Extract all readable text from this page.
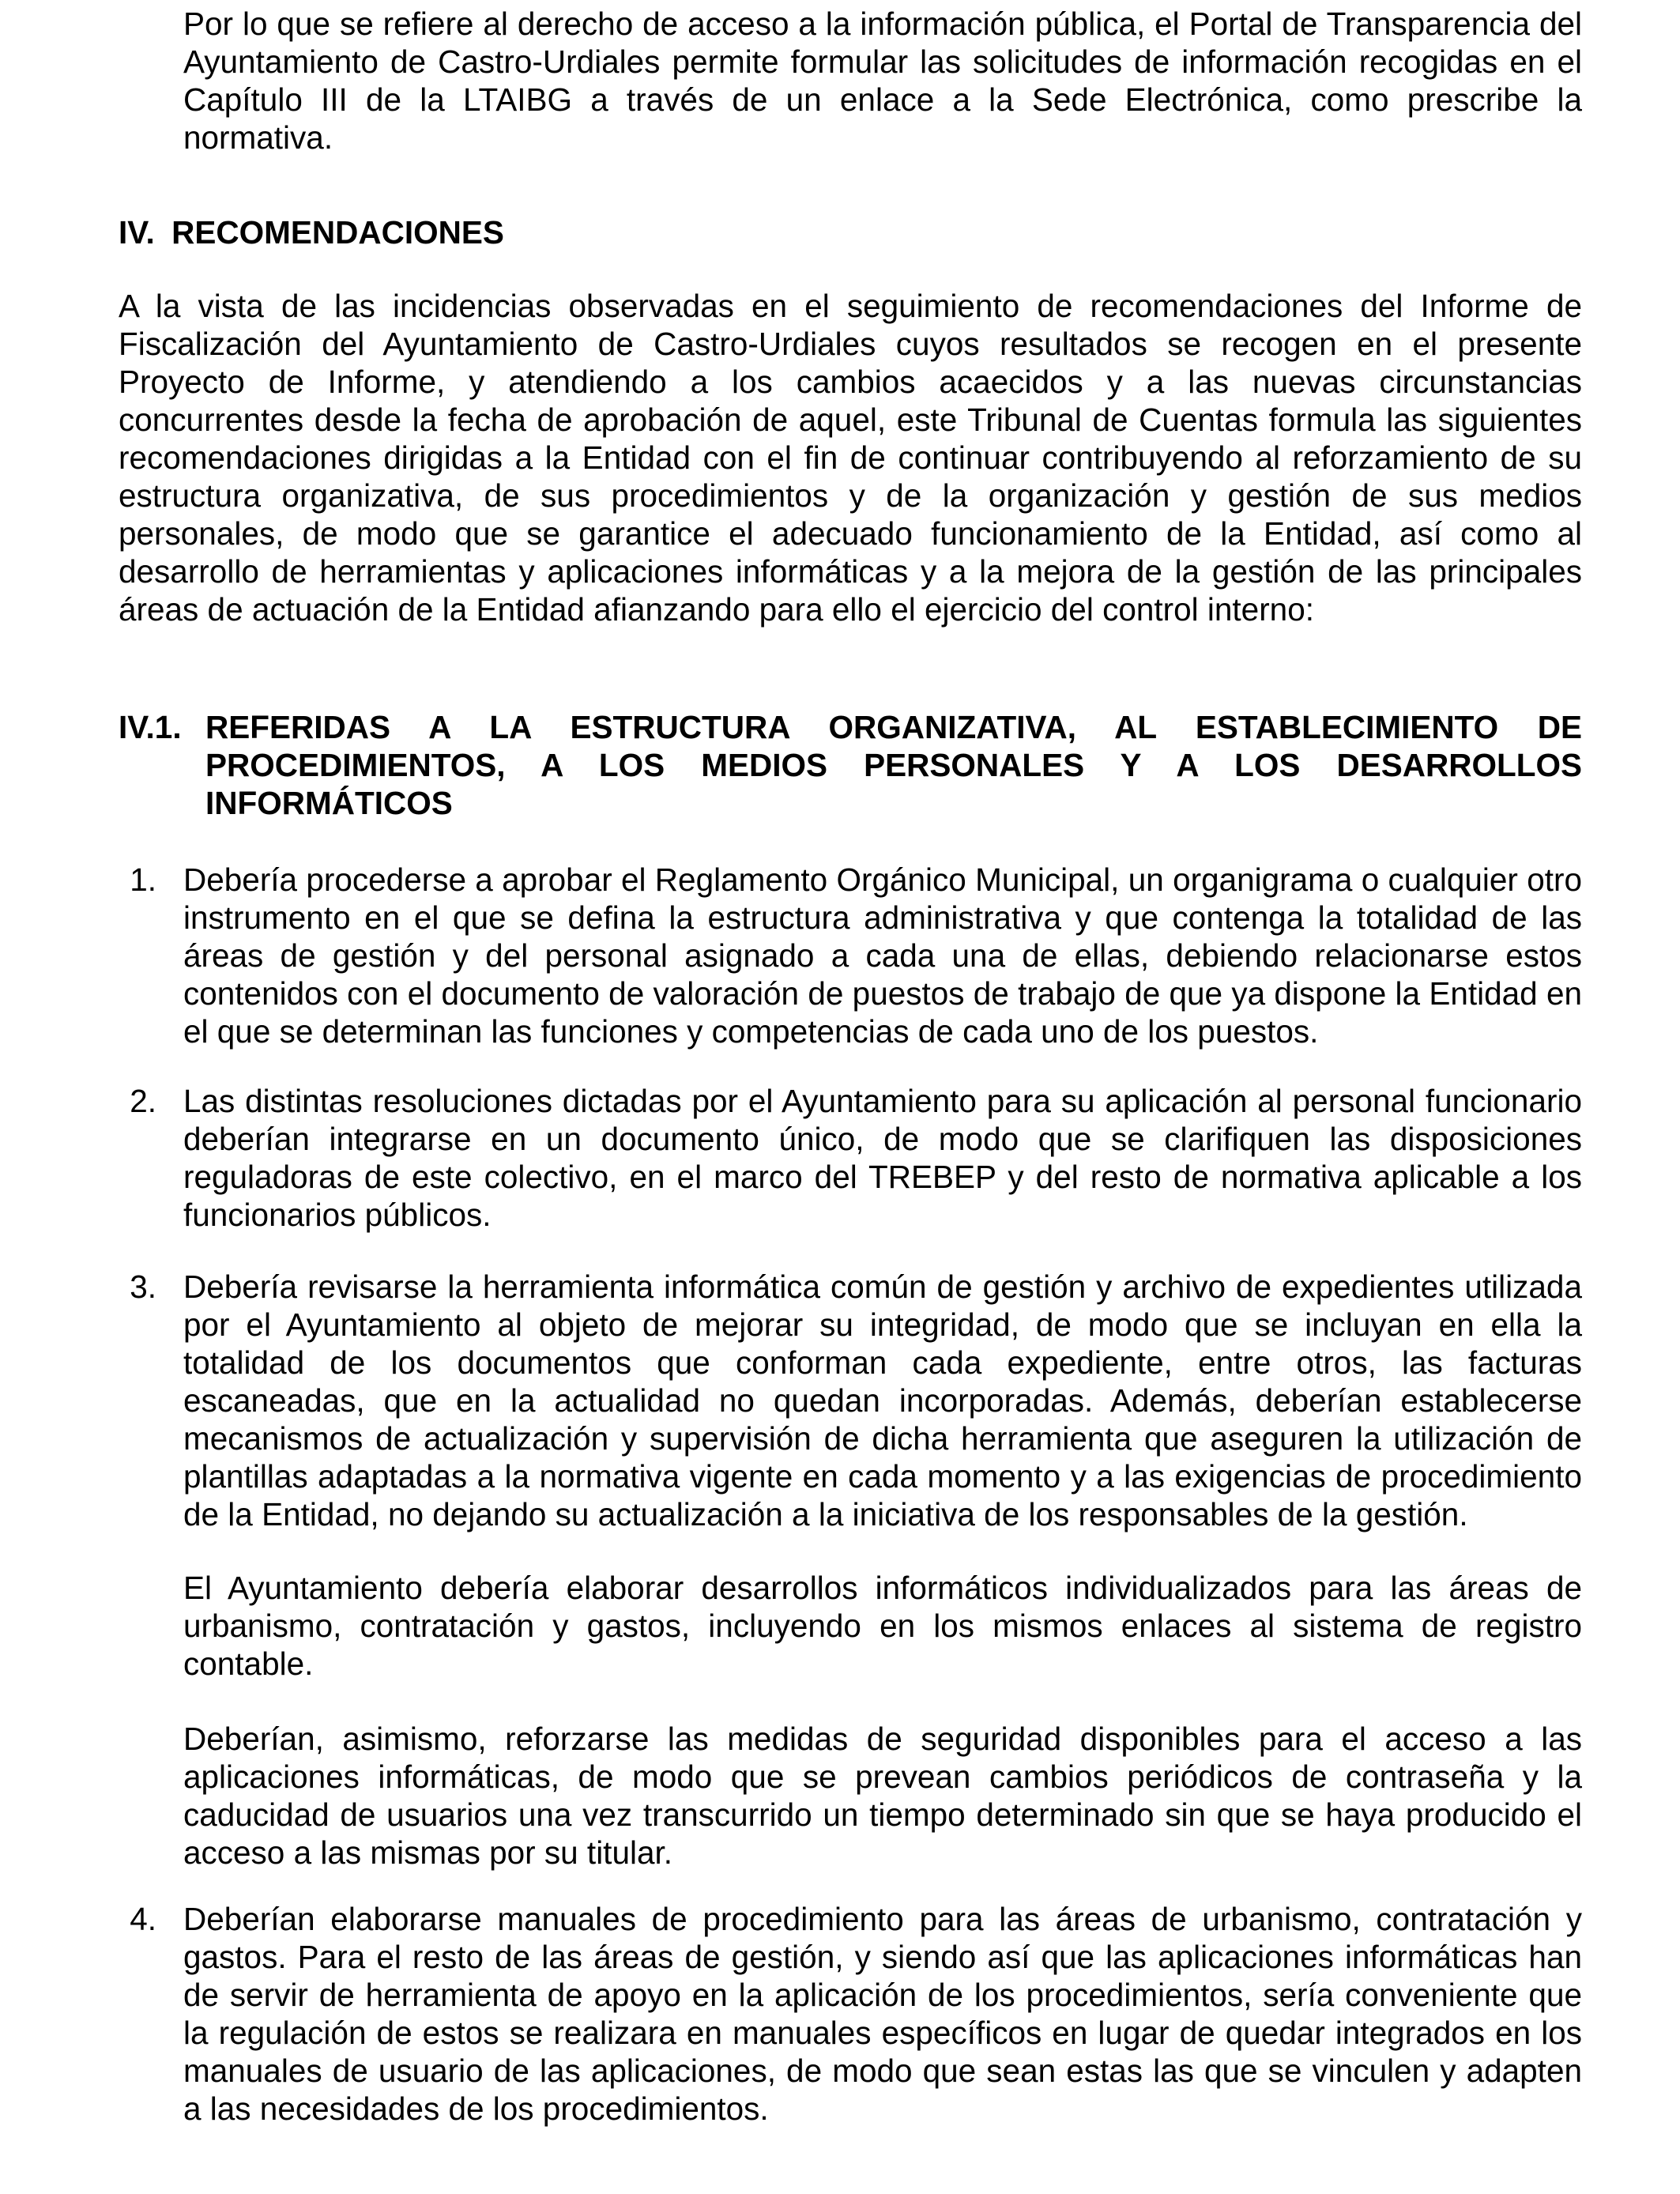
Por lo que se refiere al derecho de acceso a la información pública, el Portal de Transparencia del Ayuntamiento de Castro-Urdiales permite formular las solicitudes de información recogidas en el Capítulo III de la LTAIBG a través de un enlace a la Sede Electrónica, como prescribe la normativa.

IV. RECOMENDACIONES

A la vista de las incidencias observadas en el seguimiento de recomendaciones del Informe de Fiscalización del Ayuntamiento de Castro-Urdiales cuyos resultados se recogen en el presente Proyecto de Informe, y atendiendo a los cambios acaecidos y a las nuevas circunstancias concurrentes desde la fecha de aprobación de aquel, este Tribunal de Cuentas formula las siguientes recomendaciones dirigidas a la Entidad con el fin de continuar contribuyendo al reforzamiento de su estructura organizativa, de sus procedimientos y de la organización y gestión de sus medios personales, de modo que se garantice el adecuado funcionamiento de la Entidad, así como al desarrollo de herramientas y aplicaciones informáticas y a la mejora de la gestión de las principales áreas de actuación de la Entidad afianzando para ello el ejercicio del control interno:

IV.1. REFERIDAS A LA ESTRUCTURA ORGANIZATIVA, AL ESTABLECIMIENTO DE PROCEDIMIENTOS, A LOS MEDIOS PERSONALES Y A LOS DESARROLLOS INFORMÁTICOS
1. Debería procederse a aprobar el Reglamento Orgánico Municipal, un organigrama o cualquier otro instrumento en el que se defina la estructura administrativa y que contenga la totalidad de las áreas de gestión y del personal asignado a cada una de ellas, debiendo relacionarse estos contenidos con el documento de valoración de puestos de trabajo de que ya dispone la Entidad en el que se determinan las funciones y competencias de cada uno de los puestos.

2. Las distintas resoluciones dictadas por el Ayuntamiento para su aplicación al personal funcionario deberían integrarse en un documento único, de modo que se clarifiquen las disposiciones reguladoras de este colectivo, en el marco del TREBEP y del resto de normativa aplicable a los funcionarios públicos.

3. Debería revisarse la herramienta informática común de gestión y archivo de expedientes utilizada por el Ayuntamiento al objeto de mejorar su integridad, de modo que se incluyan en ella la totalidad de los documentos que conforman cada expediente, entre otros, las facturas escaneadas, que en la actualidad no quedan incorporadas. Además, deberían establecerse mecanismos de actualización y supervisión de dicha herramienta que aseguren la utilización de plantillas adaptadas a la normativa vigente en cada momento y a las exigencias de procedimiento de la Entidad, no dejando su actualización a la iniciativa de los responsables de la gestión.

El Ayuntamiento debería elaborar desarrollos informáticos individualizados para las áreas de urbanismo, contratación y gastos, incluyendo en los mismos enlaces al sistema de registro contable.

Deberían, asimismo, reforzarse las medidas de seguridad disponibles para el acceso a las aplicaciones informáticas, de modo que se prevean cambios periódicos de contraseña y la caducidad de usuarios una vez transcurrido un tiempo determinado sin que se haya producido el acceso a las mismas por su titular.

4. Deberían elaborarse manuales de procedimiento para las áreas de urbanismo, contratación y gastos. Para el resto de las áreas de gestión, y siendo así que las aplicaciones informáticas han de servir de herramienta de apoyo en la aplicación de los procedimientos, sería conveniente que la regulación de estos se realizara en manuales específicos en lugar de quedar integrados en los manuales de usuario de las aplicaciones, de modo que sean estas las que se vinculen y adapten a las necesidades de los procedimientos.
